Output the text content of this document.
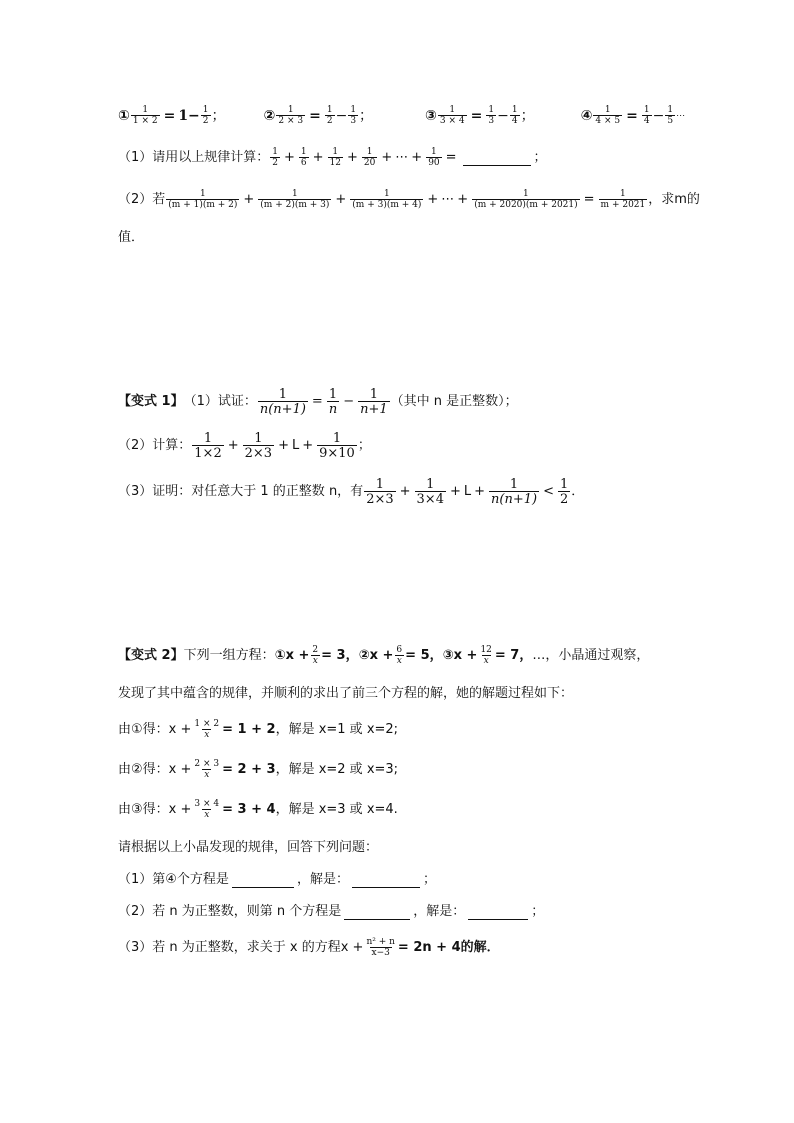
① $\frac{1}{1 \times 2} = 1- \frac{1}{2}$ ；	② $\frac{1}{2 \times 3} = \frac{1}{2} - \frac{1}{3}$ ；	③ $\frac{1}{3 \times 4} = \frac{1}{3} - \frac{1}{4}$ ；	④ $\frac{1}{4 \times 5} = \frac{1}{4} - \frac{1}{5}$ ⋯
（1）请用以上规律计算： $\frac{1}{2} + \frac{1}{6} + \frac{1}{12} + \frac{1}{20}$ + ⋯ + $\frac{1}{90}$ =	；
（2）若 $\frac{1}{(m + 1)(m + 2)} + \frac{1}{(m + 2)(m + 3)} + \frac{1}{(m + 3)(m + 4)}$ + ⋯ + $\frac{1}{(m + 2020)(m + 2021)} = \frac{1}{m + 2021}$ ，求m的
值．
【变式 1】 （1）试证： $\frac{1}{n(n+1)} = \frac{1}{n} - \frac{1}{n+1}$ （其中 n 是正整数）；
（2）计算： $\frac{1}{1\times 2} + \frac{1}{2\times 3} + L + \frac{1}{9\times 10}$ ；
（3）证明：对任意大于 1 的正整数 n，有 $\frac{1}{2\times 3} + \frac{1}{3\times 4} + L + \frac{1}{n(n+1)} < \frac{1}{2}$ ．
【变式 2】 下列一组方程： ①x + $\frac{2}{x} = 3$， ②x + $\frac{6}{x} = 5$， ③x + $\frac{12}{x} = 7$， …，小晶通过观察，
发现了其中蕴含的规律，并顺利的求出了前三个方程的解，她的解题过程如下：
由①得：$x + \frac{1 \times 2}{x} = 1 + 2$ ，解是 x=1 或 x=2;
由②得：$x + \frac{2 \times 3}{x} = 2 + 3$ ，解是 x=2 或 x=3;
由③得：$x + \frac{3 \times 4}{x} = 3 + 4$ ，解是 x=3 或 x=4.
请根据以上小晶发现的规律，回答下列问题：
（1）第④个方程是	，解是：	；
（2）若 n 为正整数，则第 n 个方程是	，解是：	；
（3）若 n 为正整数，求关于 x 的方程$x + \frac{\text{n² + n}}{x-3} = 2n + 4$的解．
